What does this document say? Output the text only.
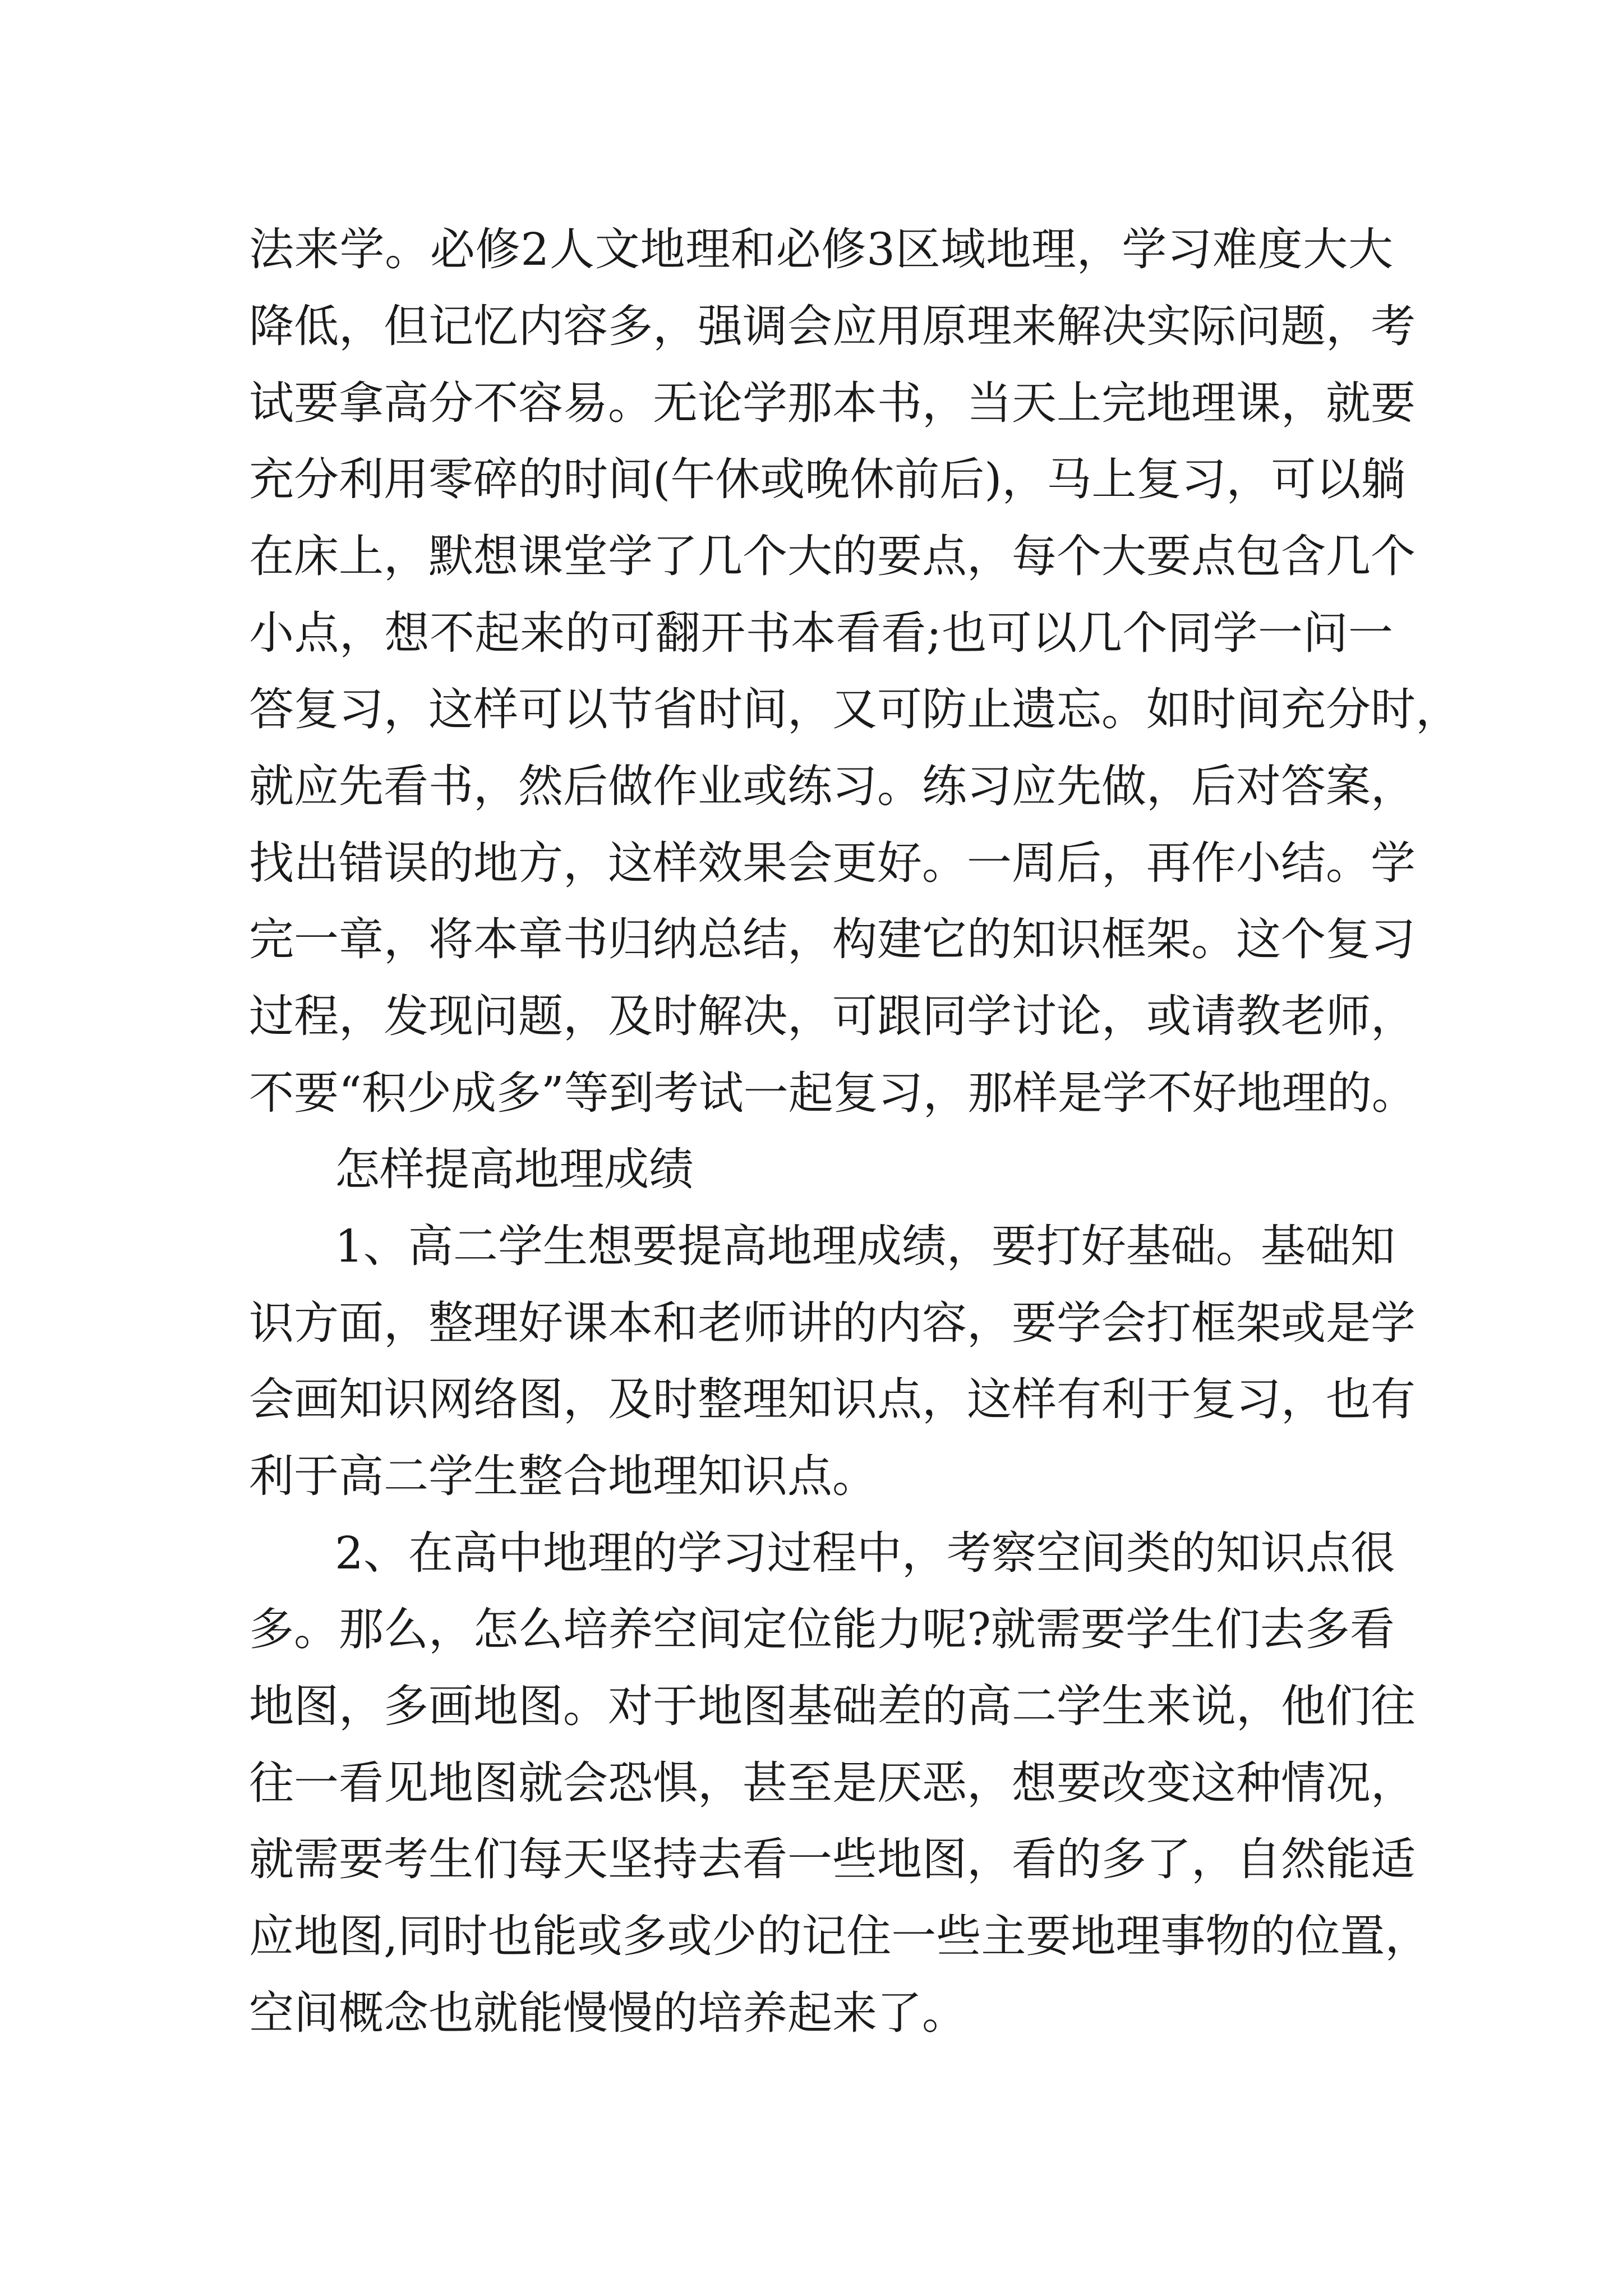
法来学。必修2人文地理和必修3区域地理，学习难度大大
降低，但记忆内容多，强调会应用原理来解决实际问题，考
试要拿高分不容易。无论学那本书，当天上完地理课，就要
充分利用零碎的时间(午休或晚休前后)，马上复习，可以躺
在床上，默想课堂学了几个大的要点，每个大要点包含几个
小点，想不起来的可翻开书本看看;也可以几个同学一问一
答复习，这样可以节省时间，又可防止遗忘。如时间充分时，
就应先看书，然后做作业或练习。练习应先做，后对答案，
找出错误的地方，这样效果会更好。一周后，再作小结。学
完一章，将本章书归纳总结，构建它的知识框架。这个复习
过程，发现问题，及时解决，可跟同学讨论，或请教老师，
不要“积少成多”等到考试一起复习，那样是学不好地理的。
怎样提高地理成绩
1、高二学生想要提高地理成绩，要打好基础。基础知
识方面，整理好课本和老师讲的内容，要学会打框架或是学
会画知识网络图，及时整理知识点，这样有利于复习，也有
利于高二学生整合地理知识点。
2、在高中地理的学习过程中，考察空间类的知识点很
多。那么，怎么培养空间定位能力呢?就需要学生们去多看
地图，多画地图。对于地图基础差的高二学生来说，他们往
往一看见地图就会恐惧，甚至是厌恶，想要改变这种情况，
就需要考生们每天坚持去看一些地图，看的多了，自然能适
应地图,同时也能或多或少的记住一些主要地理事物的位置，
空间概念也就能慢慢的培养起来了。
